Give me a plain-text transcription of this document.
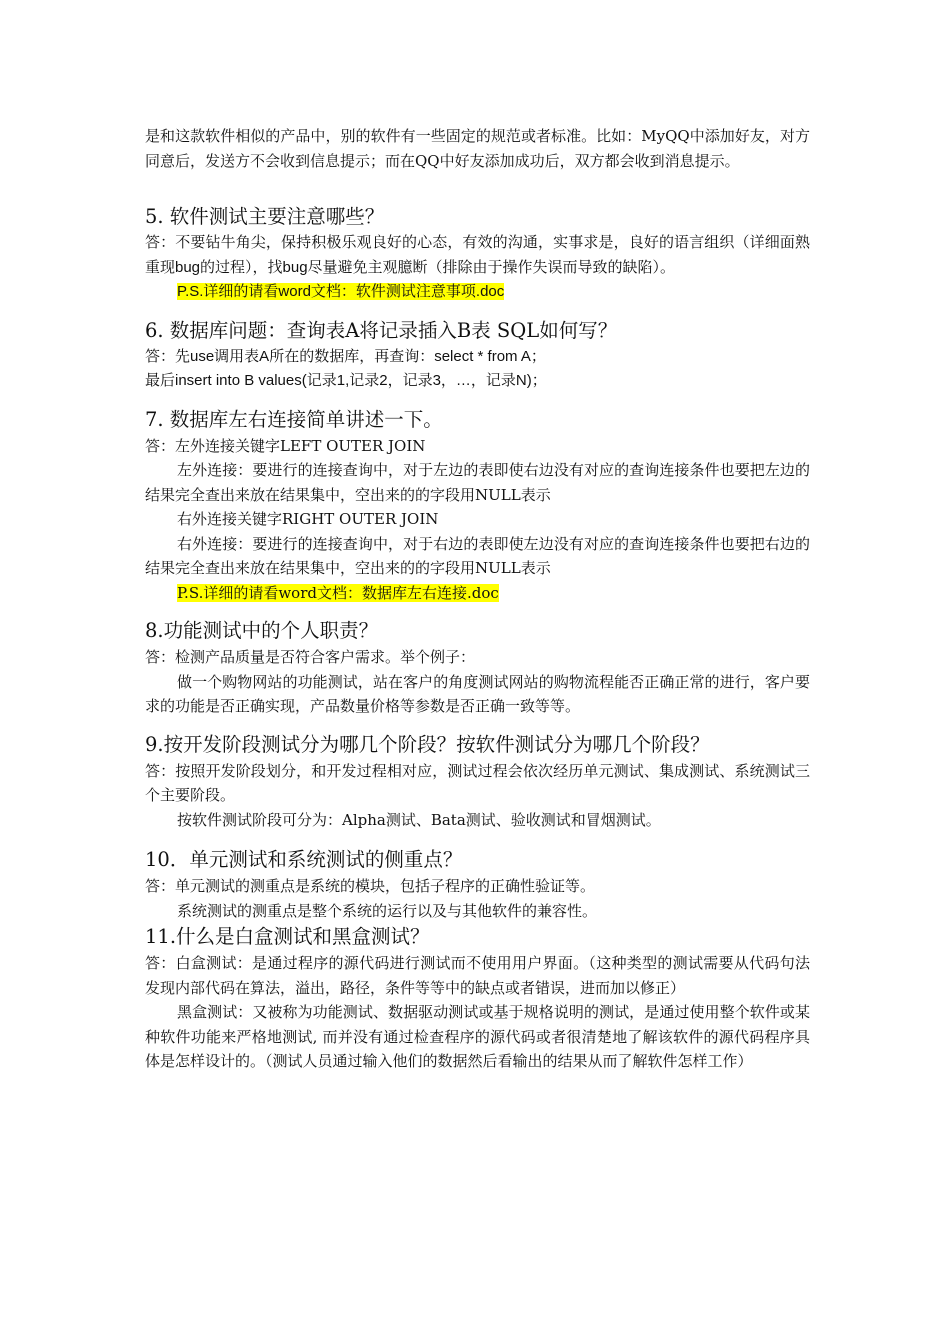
是和这款软件相似的产品中，别的软件有一些固定的规范或者标准。比如：MyQQ中添加好友，对方同意后，发送方不会收到信息提示；而在QQ中好友添加成功后，双方都会收到消息提示。

5. 软件测试主要注意哪些？

答：不要钻牛角尖，保持积极乐观良好的心态，有效的沟通，实事求是，良好的语言组织（详细面熟重现bug的过程），找bug尽量避免主观臆断（排除由于操作失误而导致的缺陷）。

P.S.详细的请看word文档：软件测试注意事项.doc

6. 数据库问题：查询表A将记录插入B表 SQL如何写？

答：先use调用表A所在的数据库，再查询：select * from A；

最后insert into B values(记录1,记录2，记录3，…，记录N)；

7. 数据库左右连接简单讲述一下。

答：左外连接关键字LEFT OUTER JOIN

左外连接：要进行的连接查询中，对于左边的表即使右边没有对应的查询连接条件也要把左边的结果完全查出来放在结果集中，空出来的的字段用NULL表示

右外连接关键字RIGHT OUTER JOIN

右外连接：要进行的连接查询中，对于右边的表即使左边没有对应的查询连接条件也要把右边的结果完全查出来放在结果集中，空出来的的字段用NULL表示

P.S.详细的请看word文档：数据库左右连接.doc

8.功能测试中的个人职责？

答：检测产品质量是否符合客户需求。举个例子：

做一个购物网站的功能测试，站在客户的角度测试网站的购物流程能否正确正常的进行，客户要求的功能是否正确实现，产品数量价格等参数是否正确一致等等。

9.按开发阶段测试分为哪几个阶段？按软件测试分为哪几个阶段？

答：按照开发阶段划分，和开发过程相对应，测试过程会依次经历单元测试、集成测试、系统测试三个主要阶段。

按软件测试阶段可分为：Alpha测试、Bata测试、验收测试和冒烟测试。

10．单元测试和系统测试的侧重点？

答：单元测试的测重点是系统的模块，包括子程序的正确性验证等。

系统测试的测重点是整个系统的运行以及与其他软件的兼容性。

11.什么是白盒测试和黑盒测试？

答：白盒测试：是通过程序的源代码进行测试而不使用用户界面。（这种类型的测试需要从代码句法发现内部代码在算法，溢出，路径，条件等等中的缺点或者错误，进而加以修正）

黑盒测试：又被称为功能测试、数据驱动测试或基于规格说明的测试，是通过使用整个软件或某种软件功能来严格地测试, 而并没有通过检查程序的源代码或者很清楚地了解该软件的源代码程序具体是怎样设计的。（测试人员通过输入他们的数据然后看输出的结果从而了解软件怎样工作）
